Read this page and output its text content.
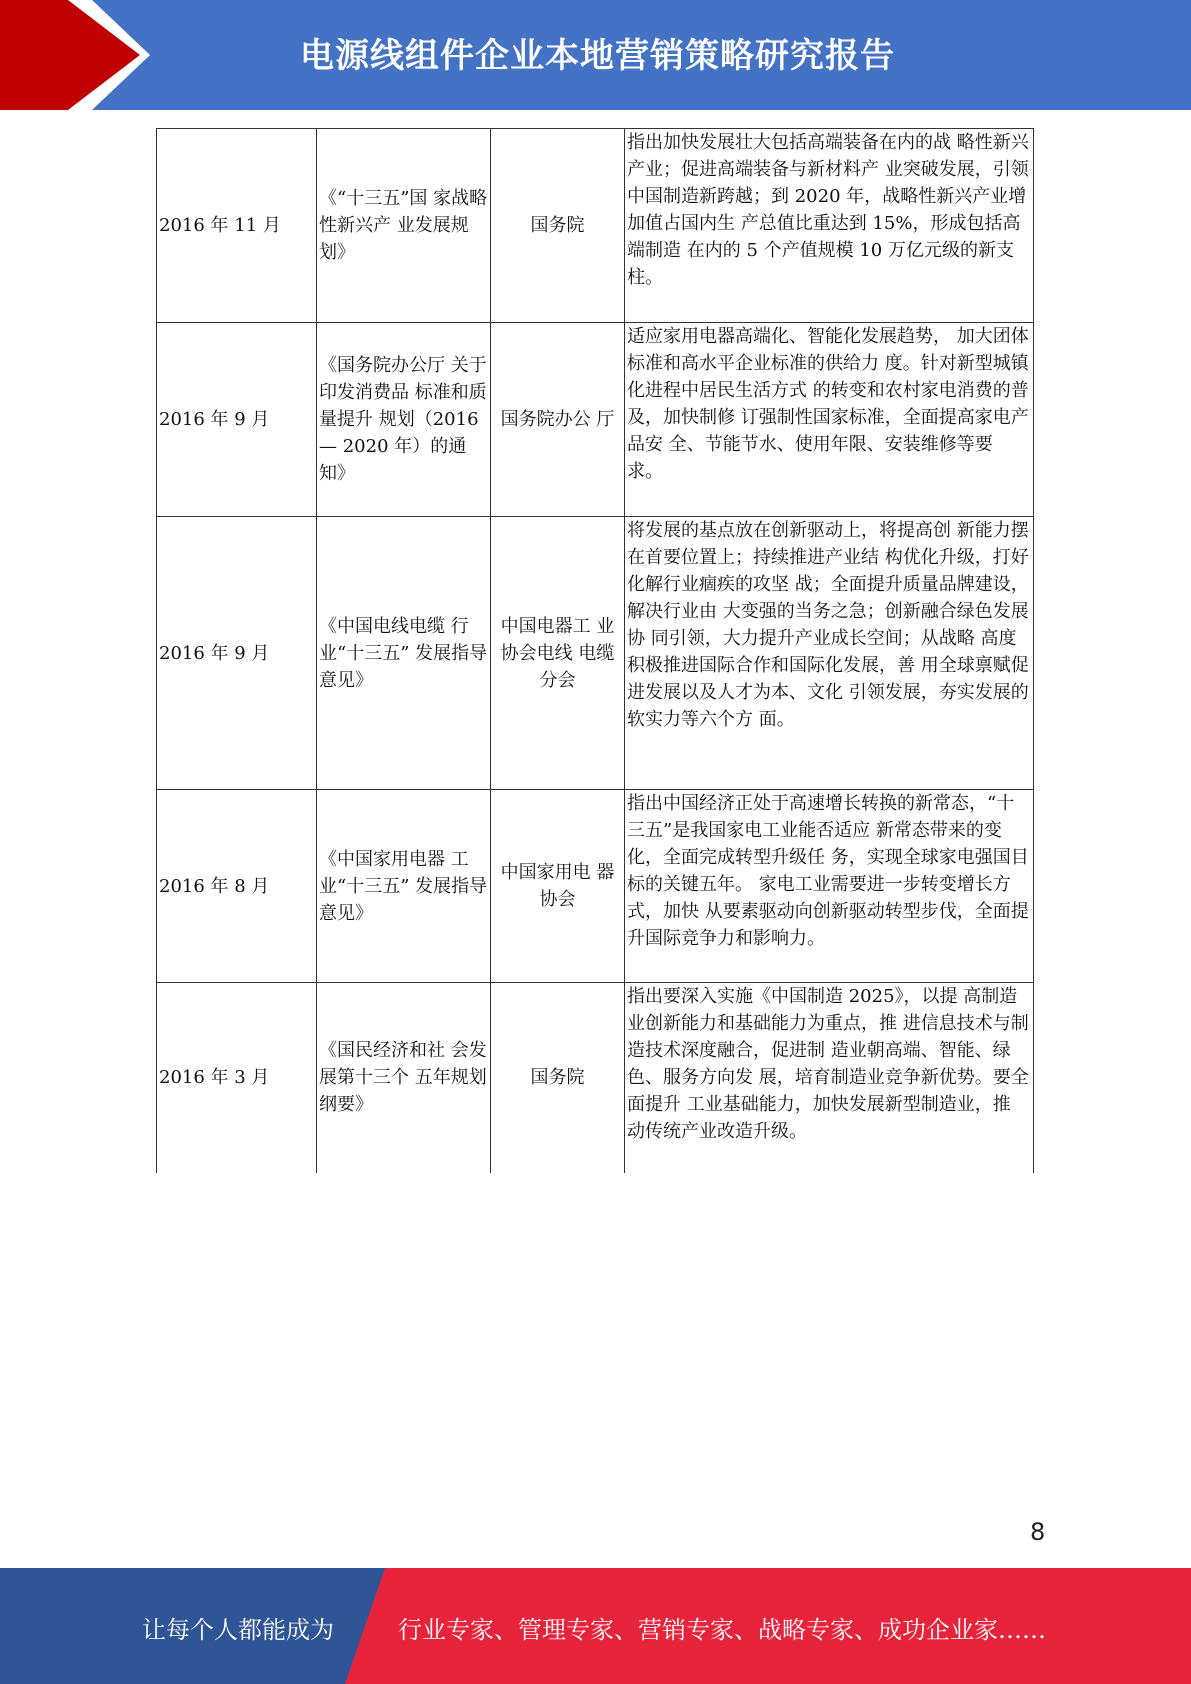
电源线组件企业本地营销策略研究报告
2016 年 11 月	《“十三五”国 家战略性新兴产 业发展规划》	国务院	指出加快发展壮大包括高端装备在内的战 略性新兴产业；促进高端装备与新材料产 业突破发展，引领中国制造新跨越；到 2020 年，战略性新兴产业增加值占国内生 产总值比重达到 15%，形成包括高端制造 在内的 5 个产值规模 10 万亿元级的新支 柱。
2016 年 9 月	《国务院办公厅 关于印发消费品 标准和质量提升 规划（2016— 2020 年）的通 知》	国务院办公 厅	适应家用电器高端化、智能化发展趋势， 加大团体标准和高水平企业标准的供给力 度。针对新型城镇化进程中居民生活方式 的转变和农村家电消费的普及，加快制修 订强制性国家标准，全面提高家电产品安 全、节能节水、使用年限、安装维修等要 求。
2016 年 9 月	《中国电线电缆 行业“十三五” 发展指导意见》	中国电器工 业协会电线 电缆分会	将发展的基点放在创新驱动上，将提高创 新能力摆在首要位置上；持续推进产业结 构优化升级，打好化解行业痼疾的攻坚 战；全面提升质量品牌建设，解决行业由 大变强的当务之急；创新融合绿色发展协 同引领，大力提升产业成长空间；从战略 高度积极推进国际合作和国际化发展，善 用全球禀赋促进发展以及人才为本、文化 引领发展，夯实发展的软实力等六个方 面。
2016 年 8 月	《中国家用电器 工业“十三五” 发展指导意见》	中国家用电 器协会	指出中国经济正处于高速增长转换的新常态，“十三五”是我国家电工业能否适应 新常态带来的变化，全面完成转型升级任 务，实现全球家电强国目标的关键五年。 家电工业需要进一步转变增长方式，加快 从要素驱动向创新驱动转型步伐，全面提 升国际竞争力和影响力。
2016 年 3 月	《国民经济和社 会发展第十三个 五年规划纲要》	国务院	指出要深入实施《中国制造 2025》，以提 高制造业创新能力和基础能力为重点，推 进信息技术与制造技术深度融合，促进制 造业朝高端、智能、绿色、服务方向发 展，培育制造业竞争新优势。要全面提升 工业基础能力，加快发展新型制造业，推 动传统产业改造升级。
8
让每个人都能成为	行业专家、管理专家、营销专家、战略专家、成功企业家……
